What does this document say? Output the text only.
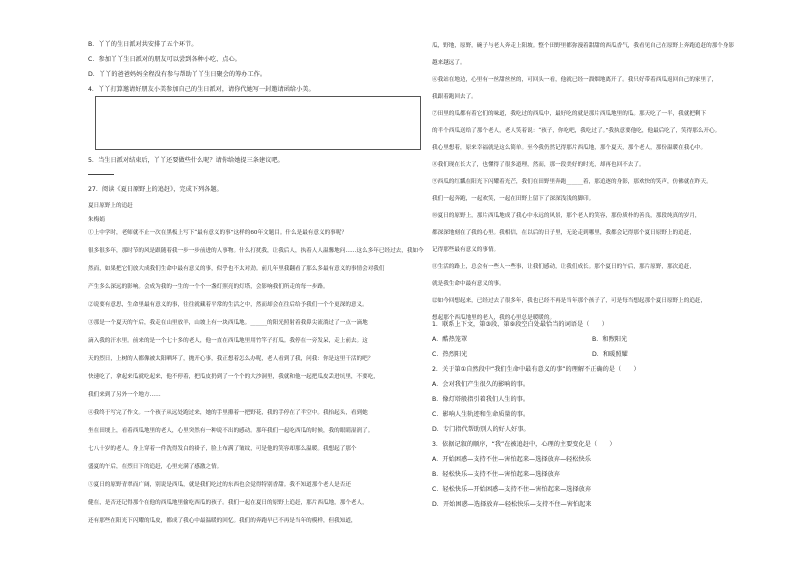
B．丫丫的生日派对共安排了五个环节。
C．参加丫丫生日派对的朋友可以尝到各种小吃、点心。
D．丫丫的爸爸妈妈全程没有参与帮助丫丫生日聚会的筹办工作。
4．丫丫打算邀请好朋友小美参加自己的生日派对，请你代她写一封邀请函给小美。
5．当生日派对结束后，丫丫还要做些什么呢？请你给她提三条建议吧。
27．阅读《夏日原野上的追赶》，完成下列各题。
夏日原野上的追赶
朱梅娟
①上中学时，老师就不止一次在黑板上写下“最有意义的事”这样的60年文题目。什么是最有意义的事呢？
很多很多年，那时节的风是跟随着我一步一步前进的人事物。什么打扰我，让我后人，执着人人温馨地问……这么多年已经过去，我如今
然而，如果把它们放大成我们生命中最有意义的事，似乎也不太对劲。前几年里我翻看了那么多最有意义的事情会对我们
产生多么深远的影响。会成为我的一生的一个个一盏灯照亮的灯塔，会影响我们所走的每一步路。
②说要有意思，生命里最有意义的事，往往就藏着平常的生活之中，然而却会在往后给予我们一个个更深的意义。
③那是一个夏天的午后，我走在山里放羊，山坡上有一块西瓜地。______的阳光照射着我鼻尖流淌过了一点一滴地
滴入我的汗水里。前来的是一个七十多的老人，他一直在西瓜地里用竹竿子打瓜。我停在一旁发呆，走上前去。这
天的烈日，上树的人都像被太阳晒坏了，抛开心事，我正想着怎么办呢，老人看到了我，问我：你是这里干活的吧？
快速吃了，拿起来瓜就吃起来，他不停着，把瓜皮扔到了一个个的大沙洞里，我就和他一起把瓜皮丢进坑里，不要吃，
我们来到了另外一个地方……
④我终于写完了作文。一个孩子从远处跑过来，她的手里攥着一把野花，我的手停在了半空中。我抬起头，看到她
坐在田埂上，看着西瓜地里的老人，心里突然有一种说不出的感动。那年我们一起吃西瓜的时候，我的眼睛湿润了。
七八十岁的老人，身上穿着一件洗得发白的褂子，脸上布满了皱纹，可是他的笑容却那么温暖。我想起了那个
盛夏的午后，在烈日下的追赶，心里充满了感激之情。
⑤夏日的原野青翠而广阔，别说是西瓜，就是我们吃过的东西也会觉得特别香甜。我不知道那个老人是否还
健在，是否还记得那个在他的西瓜地里偷吃西瓜的孩子。我们一起在夏日的原野上追赶，那片西瓜地，那个老人，
还有那些在阳光下闪耀的瓜皮，都成了我心中最温暖的回忆。我们的奔跑早已不再是当年的模样，但我知道，
瓜，野地，原野，碗子与老人奔走上阳坡。整个田野里都弥漫着甜甜的西瓜香气，我看见自己在原野上奔跑追赶的那个身影
越来越远了。
⑥我站在地边，心里有一丝甜丝丝的，可回头一看，他就已经一溜烟地离开了。我只好带着西瓜返回自己的家里了，
我跟着跑回去了。
⑦田里的瓜都有着它们的味道，我吃过的西瓜中，最好吃的就是那片西瓜地里的瓜。那天吃了一半，我就把剩下
的半个西瓜送给了那个老人，老人笑着说：“孩子，你吃吧，我吃过了。”我执意要他吃，他最后吃了，笑得那么开心。
我心里想着，原来幸福就是这么简单。至今我仍然记得那片西瓜地，那个夏天，那个老人，那份温暖在我心中。
⑧我们现在长大了，也懂得了很多道理，然而，那一段美好的时光，却再也回不去了。
⑨西瓜的红瓤在阳光下闪耀着光芒，我们在田野里奔跑______着，那追逐的身影，那欢快的笑声，仿佛就在昨天。
我们一起奔跑，一起欢笑，一起在田野上留下了深深浅浅的脚印。
⑩夏日的原野上，那片西瓜地成了我心中永远的风景，那个老人的笑容，那份质朴的善良，那段纯真的岁月，
都深深地刻在了我的心里。我相信，在以后的日子里，无论走到哪里，我都会记得那个夏日原野上的追赶，
记得那些最有意义的事情。
⑪生活的路上，总会有一些人一些事，让我们感动，让我们成长。那个夏日的午后，那片原野，那次追赶，
就是我生命中最有意义的事。
⑫如今回想起来，已经过去了很多年，我也已经不再是当年那个孩子了，可是每当想起那个夏日原野上的追赶，
想起那个西瓜地里的老人，我的心里总是暖暖的。
1．联系上下文，第③段、第⑨段空白处最恰当的词语是（　　）
A．酷热笼罩	B．和煦阳光
C．热烈阳光	D．和暖照耀
2．关于第①自然段中“我们生命中最有意义的事”的理解不正确的是（　　）
A．会对我们产生很久的影响的事。
B．像灯塔般指引着我们人生的事。
C．影响人生轨迹和生命质量的事。
D．专门指代帮助别人的好人好事。
3．依据记叙的顺序，“我”在被追赶中，心理的主要变化是（　　）
A．开始困惑—支持不住—害怕起来—选择放弃—轻松快乐
B．轻松快乐—支持不住—害怕起来—选择放弃
C．轻松快乐—开始困惑—支持不住—害怕起来—选择放弃
D．开始困惑—选择放弃—轻松快乐—支持不住—害怕起来
